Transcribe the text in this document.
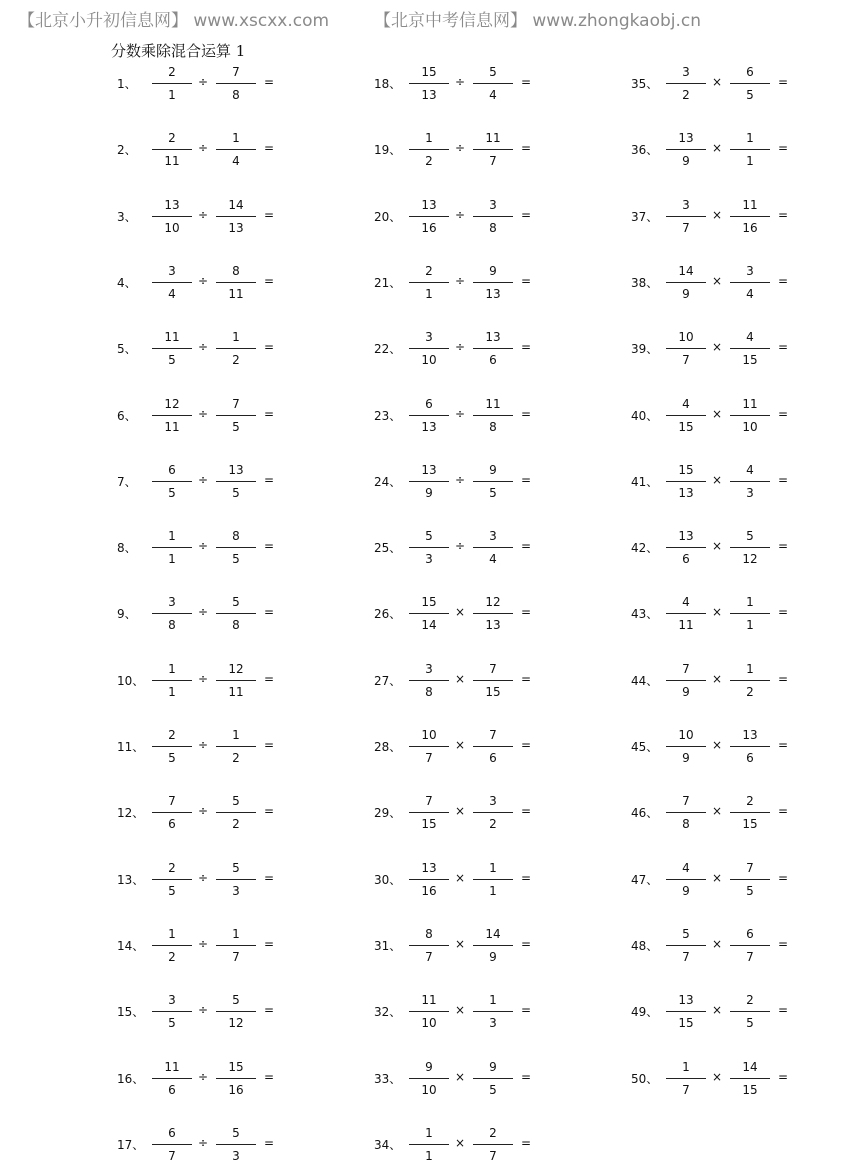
【北京小升初信息网】 www.xscxx.com	【北京中考信息网】 www.zhongkaobj.cn
分数乘除混合运算 1
1、
2
1
÷
7
8
=
2、
2
11
÷
1
4
=
3、
13
10
÷
14
13
=
4、
3
4
÷
8
11
=
5、
11
5
÷
1
2
=
6、
12
11
÷
7
5
=
7、
6
5
÷
13
5
=
8、
1
1
÷
8
5
=
9、
3
8
÷
5
8
=
10、
1
1
÷
12
11
=
11、
2
5
÷
1
2
=
12、
7
6
÷
5
2
=
13、
2
5
÷
5
3
=
14、
1
2
÷
1
7
=
15、
3
5
÷
5
12
=
16、
11
6
÷
15
16
=
17、
6
7
÷
5
3
=
18、
15
13
÷
5
4
=
19、
1
2
÷
11
7
=
20、
13
16
÷
3
8
=
21、
2
1
÷
9
13
=
22、
3
10
÷
13
6
=
23、
6
13
÷
11
8
=
24、
13
9
÷
9
5
=
25、
5
3
÷
3
4
=
26、
15
14
×
12
13
=
27、
3
8
×
7
15
=
28、
10
7
×
7
6
=
29、
7
15
×
3
2
=
30、
13
16
×
1
1
=
31、
8
7
×
14
9
=
32、
11
10
×
1
3
=
33、
9
10
×
9
5
=
34、
1
1
×
2
7
=
35、
3
2
×
6
5
=
36、
13
9
×
1
1
=
37、
3
7
×
11
16
=
38、
14
9
×
3
4
=
39、
10
7
×
4
15
=
40、
4
15
×
11
10
=
41、
15
13
×
4
3
=
42、
13
6
×
5
12
=
43、
4
11
×
1
1
=
44、
7
9
×
1
2
=
45、
10
9
×
13
6
=
46、
7
8
×
2
15
=
47、
4
9
×
7
5
=
48、
5
7
×
6
7
=
49、
13
15
×
2
5
=
50、
1
7
×
14
15
=
